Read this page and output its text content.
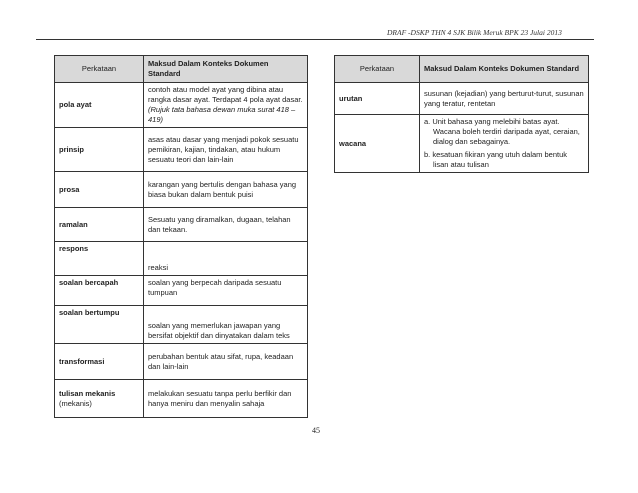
DRAF -DSKP THN 4 SJK Bilik Meruk BPK 23 Julai 2013
Perkataan	Maksud Dalam Konteks Dokumen Standard
pola ayat	contoh atau model ayat yang dibina atau rangka dasar ayat. Terdapat 4 pola ayat dasar. (Rujuk tata bahasa dewan muka surat 418 – 419)
prinsip	asas atau dasar yang menjadi pokok sesuatu pemikiran, kajian, tindakan, atau hukum sesuatu teori dan lain-lain
prosa	karangan yang bertulis dengan bahasa yang biasa bukan dalam bentuk puisi
ramalan	Sesuatu yang diramalkan, dugaan, telahan dan tekaan.
respons	reaksi
soalan bercapah	soalan yang berpecah daripada sesuatu tumpuan
soalan bertumpu	soalan yang memerlukan jawapan yang bersifat objektif dan dinyatakan dalam teks
transformasi	perubahan bentuk atau sifat, rupa, keadaan dan lain-lain
tulisan mekanis
(mekanis)	melakukan sesuatu tanpa perlu berfikir dan hanya meniru dan menyalin sahaja
Perkataan	Maksud Dalam Konteks Dokumen Standard
urutan	susunan (kejadian) yang berturut-turut, susunan yang teratur, rentetan
wacana	a. Unit bahasa yang melebihi batas ayat. Wacana boleh terdiri daripada ayat, ceraian, dialog dan sebagainya.
b. kesatuan fikiran yang utuh dalam bentuk lisan atau tulisan
45
